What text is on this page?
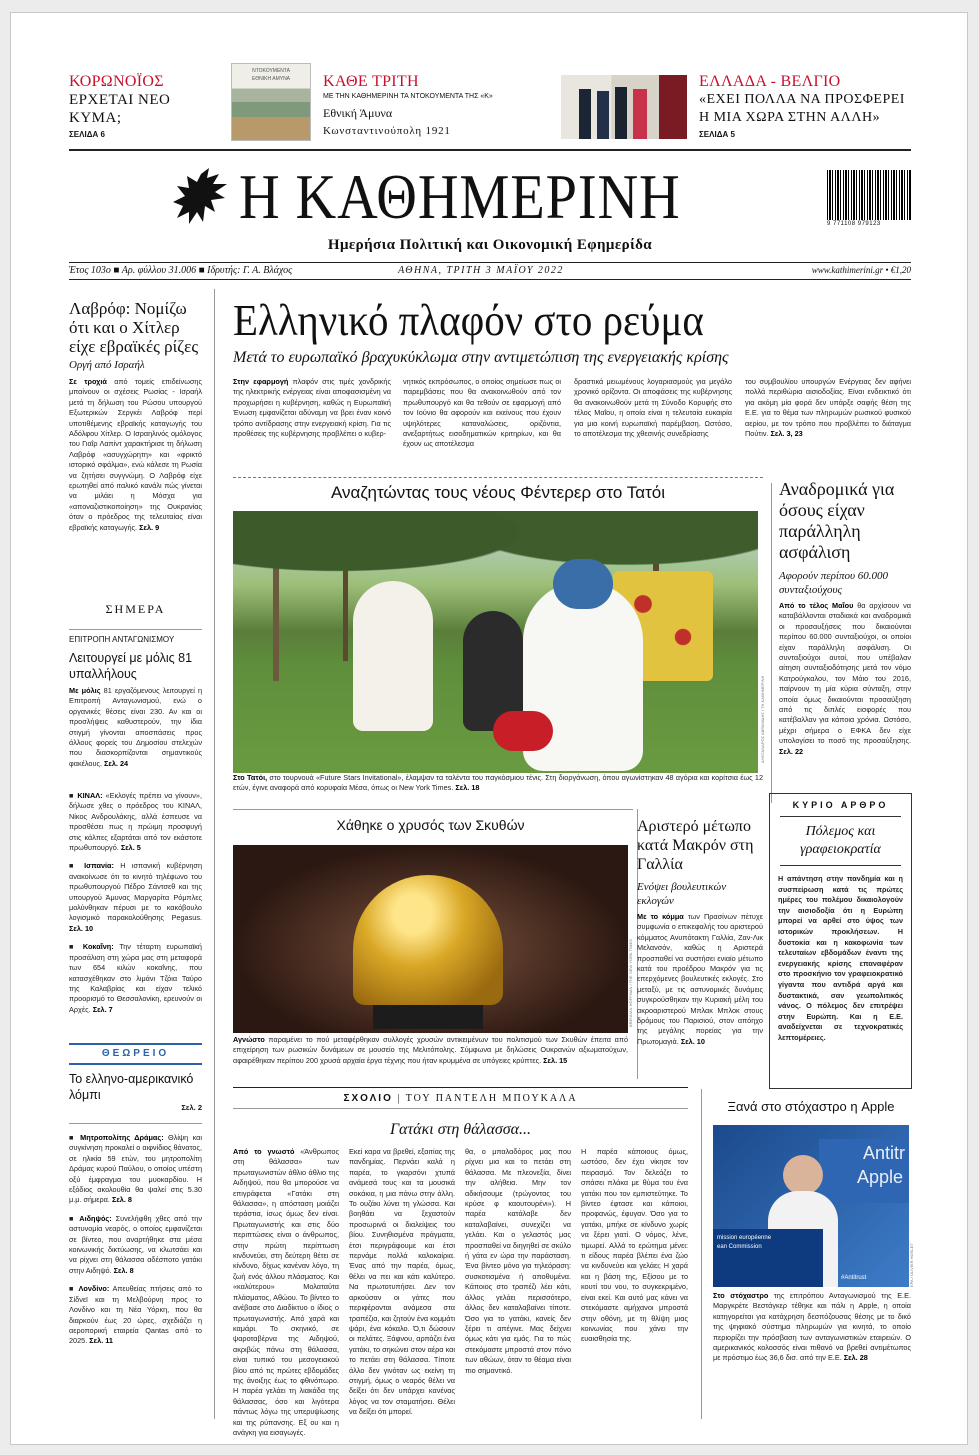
ΚΟΡΩΝΟΪΟΣ
ΕΡΧΕΤΑΙ ΝΕΟ ΚΥΜΑ;
ΣΕΛΙΔΑ 6
ΝΤΟΚΟΥΜΕΝΤΑ
ΕΘΝΙΚΗ ΑΜΥΝΑ	ΚΑΘΕ ΤΡΙΤΗ
ΜΕ ΤΗΝ ΚΑΘΗΜΕΡΙΝΗ ΤΑ ΝΤΟΚΟΥΜΕΝΤΑ ΤΗΣ «Κ»
Εθνική Άμυνα
Κωνσταντινούπολη 1921
ΕΛΛΑΔΑ - ΒΕΛΓΙΟ
«ΕΧΕΙ ΠΟΛΛΑ ΝΑ ΠΡΟΣΦΕΡΕΙ Η ΜΙΑ ΧΩΡΑ ΣΤΗΝ ΑΛΛΗ»
ΣΕΛΙΔΑ 5
Η ΚΑΘΗΜΕΡΙΝΗ
Ημερήσια Πολιτική και Οικονομική Εφημερίδα
9 771108 979123
Έτος 103ο ■ Αρ. φύλλου 31.006 ■ Ιδρυτής: Γ. Α. Βλάχος	ΑΘΗΝΑ, ΤΡΙΤΗ 3 ΜΑΪΟΥ 2022	www.kathimerini.gr • €1,20
Λαβρόφ: Νομίζω ότι και ο Χίτλερ είχε εβραϊκές ρίζες
Οργή από Ισραήλ
Σε τροχιά από τομείς επιδείνωσης μπαίνουν οι σχέσεις Ρωσίας - Ισραήλ μετά τη δήλωση του Ρώσου υπουργού Εξωτερικών Σεργκέι Λαβρόφ περί υποτιθέμενης εβραϊκής καταγωγής του Αδόλφου Χίτλερ. Ο Ισραηλινός ομόλογος του Γιαΐρ Λαπίντ χαρακτήρισε τη δήλωση Λαβρόφ «ασυγχώρητη» και «φρικτό ιστορικό σφάλμα», ενώ κάλεσε τη Ρωσία να ζητήσει συγγνώμη. Ο Λαβρόφ είχε ερωτηθεί από ιταλικό κανάλι πώς γίνεται να μιλάει η Μόσχα για «αποναζιστικοποίηση» της Ουκρανίας όταν ο πρόεδρος της τελευταίας είναι εβραϊκής καταγωγής. Σελ. 9
ΣΗΜΕΡΑ
ΕΠΙΤΡΟΠΗ ΑΝΤΑΓΩΝΙΣΜΟΥ
Λειτουργεί με μόλις 81 υπαλλήλους
Με μόλις 81 εργαζόμενους λειτουργεί η Επιτροπή Ανταγωνισμού, ενώ ο οργανικές θέσεις είναι 230. Αν και οι προσλήψεις καθυστερούν, την ίδια στιγμή γίνονται αποσπάσεις προς άλλους φορείς του Δημοσίου στελεχών που διασκορπίζονται σημαντικούς φακέλους. Σελ. 24
■ ΚΙΝΑΛ: «Εκλογές πρέπει να γίνουν», δήλωσε χθες ο πρόεδρος του ΚΙΝΑΛ, Νίκος Ανδρουλάκης, αλλά έσπευσε να προσθέσει πως η πρώιμη προσφυγή στις κάλπες εξαρτάται από τον εκάστοτε πρωθυπουργό. Σελ. 5
■ Ισπανία: Η ισπανική κυβέρνηση ανακοίνωσε ότι το κινητό τηλέφωνο του πρωθυπουργού Πέδρο Σάντσεθ και της υπουργού Άμυνας Μαργαρίτα Ρόμπλες μολύνθηκαν πέρυσι με το κακόβουλο λογισμικό παρακολούθησης Pegasus. Σελ. 10
■ Κοκαΐνη: Την τέταρτη ευρωπαϊκή προσάλιση στη χώρα μας στη μεταφορά των 654 κιλών κοκαΐνης, που κατασχέθηκαν στο λιμάνι Τζόια Ταύρο της Καλαβρίας και είχαν τελικό προορισμό το Θεσσαλονίκη, ερευνούν οι Αρχές. Σελ. 7
ΘΕΩΡΕΙΟ
Το ελληνο-αμερικανικό λόμπι
Σελ. 2
■ Μητροπολίτης Δράμας: Θλίψη και συγκίνηση προκαλεί ο αιφνίδιος θάνατος, σε ηλικία 59 ετών, του μητροπολίτη Δράμας κυρού Παύλου, ο οποίος υπέστη οξύ έμφραγμα του μυοκαρδίου. Η εξόδιος ακολουθία θα ψαλεί στις 5.30 μ.μ. σήμερα. Σελ. 8
■ Αιδηψός: Συνελήφθη χθες από την αστυνομία νεαρός, ο οποίος εμφανίζεται σε βίντεο, που αναρτήθηκε στα μέσα κοινωνικής δικτύωσης, να κλωτσάει και να ρίχνει στη θάλασσα αδέσποτο γατάκι στην Αιδηψό. Σελ. 8
■ Λονδίνο: Απευθείας πτήσεις από το Σίδνεϊ και τη Μελβούρνη προς το Λονδίνο και τη Νέα Υόρκη, που θα διαρκούν έως 20 ώρες, σχεδιάζει η αεροπορική εταιρεία Qantas από το 2025. Σελ. 11
Ελληνικό πλαφόν στο ρεύμα
Μετά το ευρωπαϊκό βραχυκύκλωμα στην αντιμετώπιση της ενεργειακής κρίσης
Στην εφαρμογή πλαφόν στις τιμές χονδρικής της ηλεκτρικής ενέργειας είναι αποφασισμένη να προχωρήσει η κυβέρνηση, καθώς η Ευρωπαϊκή Ένωση εμφανίζεται αδύναμη να βρει έναν κοινό τρόπο αντίδρασης στην ενεργειακή κρίση. Για τις προθέσεις της κυβέρνησης προβλέπει ο κυβερ-
νητικός εκπρόσωπος, ο οποίος σημείωσε πως οι παρεμβάσεις που θα ανακοινωθούν από τον πρωθυπουργό και θα τεθούν σε εφαρμογή από τον Ιούνιο θα αφορούν και εκείνους που έχουν υψηλότερες καταναλώσεις, οριζόντια, ανεξαρτήτως εισοδηματικών κριτηρίων, και θα έχουν ως αποτέλεσμα
δραστικά μειωμένους λογαριασμούς για μεγάλο χρονικό ορίζοντα. Οι αποφάσεις της κυβέρνησης θα ανακοινωθούν μετά τη Σύνοδο Κορυφής στο τέλος Μαΐου, η οποία είναι η τελευταία ευκαιρία για μια κοινή ευρωπαϊκή παρέμβαση. Ωστόσο, το αποτέλεσμα της χθεσινής συνεδρίασης
του συμβουλίου υπουργών Ενέργειας δεν αφήνει πολλά περιθώρια αισιοδοξίας. Είναι ενδεικτικό ότι για ακόμη μία φορά δεν υπάρξε σαφής θέση της Ε.Ε. για το θέμα των πληρωμών ρωσικού φυσικού αερίου, με τον τρόπο που προβλέπει το διάταγμα Πούτιν. Σελ. 3, 23
Αναζητώντας τους νέους Φέντερερ στο Τατόι
ΑΛΕΞΑΝΔΡΟΣ ΑΒΡΑΜΙΔΗΣ / ΤΗ ΚΑΘΗΜΕΡΙΝΗ
Στο Τατόι, στο τουρνουά «Future Stars Invitational», έλαμψαν τα ταλέντα του παγκόσμιου τένις. Στη διοργάνωση, όπου αγωνίστηκαν 48 αγόρια και κορίτσια έως 12 ετών, έγινε αναφορά από κορυφαία Μέσα, όπως οι New York Times. Σελ. 18
Αναδρομικά για όσους είχαν παράλληλη ασφάλιση
Αφορούν περίπου 60.000 συνταξιούχους
Από το τέλος Μαΐου θα αρχίσουν να καταβάλλονται σταδιακά και αναδρομικά οι προσαυξήσεις που δικαιούνται περίπου 60.000 συνταξιούχοι, οι οποίοι είχαν παράλληλη ασφάλιση. Οι συνταξιούχοι αυτοί, που υπέβαλαν αίτηση συνταξιοδότησης μετά τον νόμο Κατρούγκαλου, τον Μάιο του 2016, παίρνουν τη μία κύρια σύνταξη, στην οποία όμως δικαιούνται προσαύξηση από τις διπλές εισφορές που κατέβαλλαν για κάποια χρόνια. Ωστόσο, μέχρι σήμερα ο ΕΦΚΑ δεν είχε υπολογίσει το ποσό της προσαύξησης. Σελ. 22
Χάθηκε ο χρυσός των Σκυθών
BRENDAN HOFFMAN / THE NEW YORK TIMES
Αγνώστο παραμένει το πού μεταφέρθηκαν συλλογές χρυσών αντικειμένων του πολιτισμού των Σκυθών έπειτα από επιχείρηση των ρωσικών δυνάμεων σε μουσείο της Μελιτόπολης. Σύμφωνα με δηλώσεις Ουκρανών αξιωματούχων, αφαιρέθηκαν περίπου 200 χρυσά αρχαία έργα τέχνης που ήταν κρυμμένα σε υπόγειες κρύπτες. Σελ. 15
Αριστερό μέτωπο κατά Μακρόν στη Γαλλία
Ενόψει βουλευτικών εκλογών
Με το κόμμα των Πρασίνων πέτυχε συμφωνία ο επικεφαλής του αριστερού κόμματος Ανυπότακτη Γαλλία, Ζαν-Λικ Μελανσόν, καθώς η Αριστερά προσπαθεί να συστήσει ενιαίο μέτωπο κατά του προέδρου Μακρόν για τις επερχόμενες βουλευτικές εκλογές. Στο μεταξύ, με τις αστυνομικές δυνάμεις συγκρούσθηκαν την Κυριακή μέλη του ακροαριστερού Μπλακ Μπλοκ στους δρόμους του Παρισιού, στον απόηχο της μεγάλης πορείας για την Πρωτομαγιά. Σελ. 10
ΚΥΡΙΟ ΑΡΘΡΟ
Πόλεμος και γραφειοκρατία
Η απάντηση στην πανδημία και η συσπείρωση κατά τις πρώτες ημέρες του πολέμου δικαιολογούν την αισιοδοξία ότι η Ευρώπη μπορεί να αρθεί στο ύψος των ιστορικών προκλήσεων. Η δυστοκία και η κακοφωνία των τελευταίων εβδομάδων έναντι της ενεργειακής κρίσης επαναφέραν στο προσκήνιο τον γραφειοκρατικό γίγαντα που αντιδρά αργά και δυστακτικά, σαν γεωπολιτικός νάνος. Ο πόλεμος δεν επιτρέψει στην Ευρώπη. Και η Ε.Ε. αναδείχνεται σε τεχνοκρατικές λεπτομέρειες.
ΣΧΟΛΙΟ | ΤΟΥ ΠΑΝΤΕΛΗ ΜΠΟΥΚΑΛΑ
Γατάκι στη θάλασσα...
Από το γνωστό «Άνθρωπος στη θάλασσα» των πρωταγωνιστών άθλιο άθλιο της Αιδηψού, που θα μπορούσε να επιγράφεται «Γατάκι στη θάλασσα», η απόσταση μοιάζει τεράστια, ίσως όμως δεν είναι. Πρωταγωνιστής και στις δύο περιπτώσεις είναι ο άνθρωπος, στην πρώτη περίπτωση κινδυνεύει, στη δεύτερη θέτει σε κίνδυνο, δίχως κανέναν λόγο, τη ζωή ενός άλλου πλάσματος. Και «καλύτερου» Μολαταύτα πλάσματος, Αθώου. Το βίντεο το ανέβασε στο Διαδίκτυο ο ίδιος ο πρωταγωνιστής. Από χαρά και καμάρι. Το σκηνικό, σε ψαροταβέρνα της Αιδηψού, ακριβώς πάνω στη θάλασσα, είναι τυπικό του μεσογειακού βίου από τις πρώτες εβδομάδες της άνοιξης έως το φθινόπωρο. Η παρέα γελάει τη λιακάδα της θάλασσας, όσο και λιγότερα πάντως λόγω της υπερυψίωσης και της ρύπανσης. Εξ ου και η ανάγκη για εισαγωγές.
Εκεί καρα να βρεθεί, εξαιτίας της πανδημίας. Περνάει καλά η παρέα, το γκαρσόνι χτυπά ανάμεσά τους και τα μουσικά σοκάκια, η μια πάνω στην άλλη. Το ουζάκι λύνει τη γλώσσα. Και βοηθάει να ξεχαστούν προσωρινά οι διαλείψεις του βίου. Συνηθισμένα πράγματα, έτσι περιγράφουμε και έτσι περνάμε πολλά καλοκαίρια. Ένας από την παρέα, όμως, θέλει να πει και κάτι καλύτερο. Να πρωτοτυπήσει. Δεν τον αρκούσαν οι γάτες που περιφέρονται ανάμεσα στα τραπέζια, και ζητούν ένα κομμάτι ψάρι, ένα κόκαλο. Ό,τι δώσουν οι πελάτες. Ξάφνου, αρπάζει ένα γατάκι, το σηκώνει στον αέρα και το πετάει στη θάλασσα. Τίποτε άλλο δεν γινόταν ως εκείνη τη στιγμή, όμως ο νεαρός θέλει να δείξει ότι δεν υπάρχει κανένας λόγος να τον σταματήσει. Θέλει να δείξει ότι μπορεί.
θα, ο μπαλαδόρος μας που ρίχνει μια και το πετάει στη θάλασσα. Με πλεονεξία, δίνει την αλήθεια. Μην τον αδικήσουμε (τρώγοντας του κρύσε φ καουτουρένι»). Η παρέα κατάλαβε δεν καταλαβαίνει, συνεχίζει να γελάει. Και ο γελαστός μας προσπαθεί να διηγηθεί σε σκύλο ή γάτα εν ώρα την παράσταση. Ένα βίντεο μόνο για τηλεόραση: συσκοτισμένα ή αποθυμένα. Κάποιος στο τραπέζι λέει κάτι, άλλος γελάει περισσότερο, άλλος δεν καταλαβαίνει τίποτε. Όσο για το γατάκι, κανείς δεν ξέρει τι απέγινε. Μας δείχνει όμως κάτι για εμάς. Για το πώς στεκόμαστε μπροστά στον πόνο των αθώων, όταν το θέαμα είναι πιο σημαντικό.
Η παρέα κάποιους όμως, ωστόσο, δεν έχει νίκησε τον πειρασμό. Τον δελεάζει το σπάσει πλάκα με θύμα του ένα γατάκι που τον εμπιστεύτηκε. Το βίντεο έφτασε και κάποιοι, προφανώς, έφυγαν. Όσο για το γατάκι, μπήκε σε κίνδυνο χωρίς να ξέρει γιατί. Ο νόμος, λένε, τιμωρεί. Αλλά το ερώτημα μένει: τι είδους παρέα βλέπει ένα ζώο να κινδυνεύει και γελάει; Η χαρά και η βάση της, Εξίσου με το κουτί του νου, το συγκεκριμένο, είναι εκεί. Και αυτό μας κάνει να στεκόμαστε αμήχανοι μπροστά στην οθόνη, με τη θλίψη μιας κοινωνίας που χάνει την ευαισθησία της.
Ξανά στο στόχαστρο η Apple
Antitr
Apple
mission européenne
ean Commission
#Antitrust	EPA / OLIVIER HOSLET
Στο στόχαστρο της επιτρόπου Ανταγωνισμού της Ε.Ε. Μαργκρέτε Βεστάγκερ τέθηκε και πάλι η Apple, η οποία κατηγορείται για κατάχρηση δεσπόζουσας θέσης με το δικό της ψηφιακό σύστημα πληρωμών για κινητά, το οποίο περιορίζει την πρόσβαση των ανταγωνιστικών εταιρειών. Ο αμερικανικός κολοσσός είναι πιθανό να βρεθεί αντιμέτωπος με πρόστιμο έως 36,6 δισ. από την Ε.Ε. Σελ. 28
